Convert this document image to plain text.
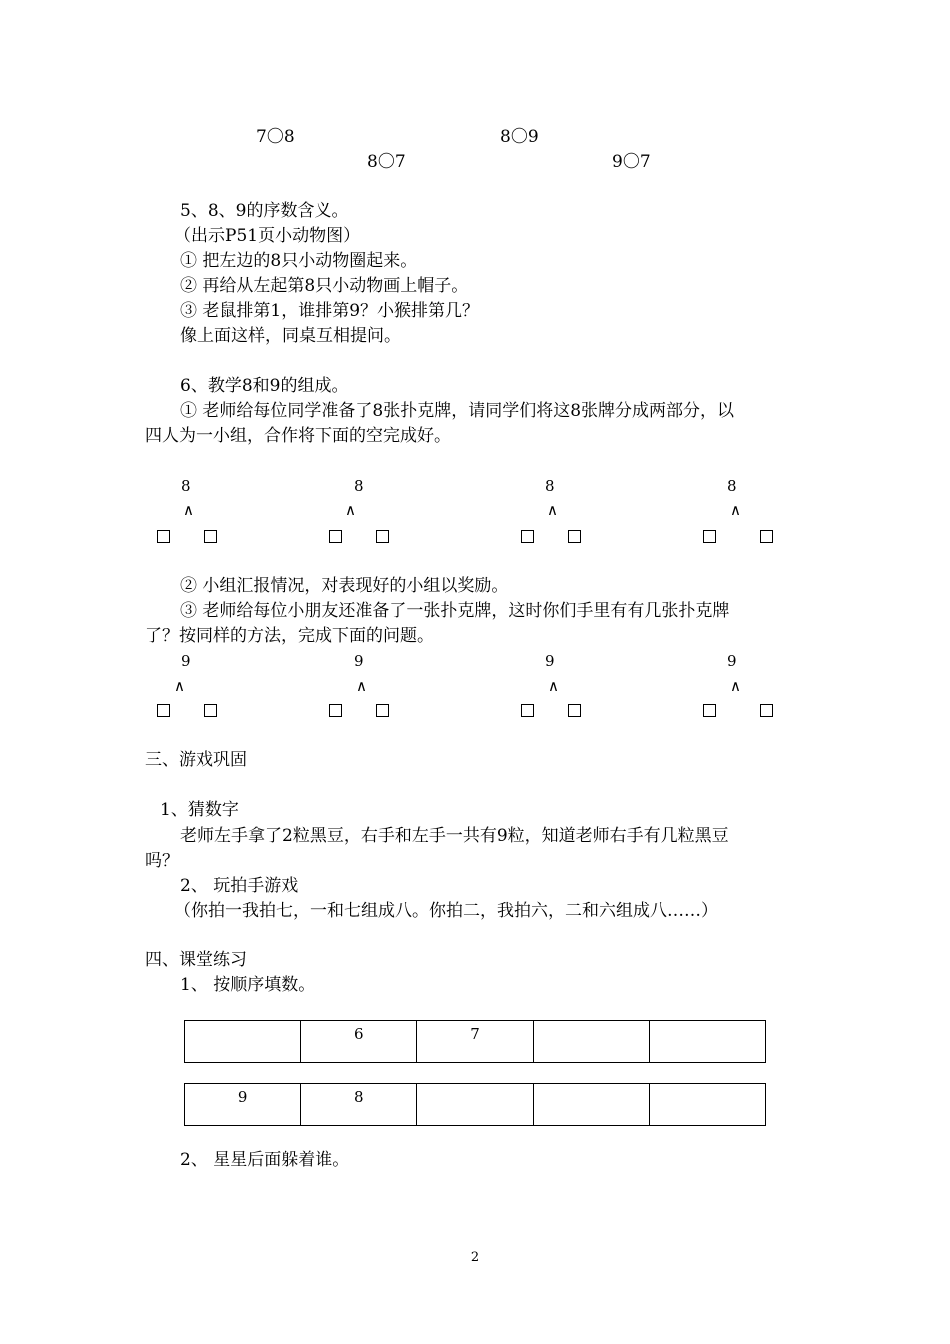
7〇8	8〇9
8〇7	9〇7
5、8、9的序数含义。
（出示P51页小动物图）
① 把左边的8只小动物圈起来。
② 再给从左起第8只小动物画上帽子。
③ 老鼠排第1，谁排第9？小猴排第几？
像上面这样，同桌互相提问。
6、教学8和9的组成。
① 老师给每位同学准备了8张扑克牌，请同学们将这8张牌分成两部分，以
四人为一小组，合作将下面的空完成好。
8	8	8	8
∧	∧	∧	∧
② 小组汇报情况，对表现好的小组以奖励。
③ 老师给每位小朋友还准备了一张扑克牌，这时你们手里有有几张扑克牌
了？按同样的方法，完成下面的问题。
9	9	9	9
∧	∧	∧	∧
三、游戏巩固
1、猜数字
老师左手拿了2粒黑豆，右手和左手一共有9粒，知道老师右手有几粒黑豆
吗？
2、 玩拍手游戏
（你拍一我拍七，一和七组成八。你拍二，我拍六，二和六组成八……）
四、课堂练习
1、 按顺序填数。
	6	7		
9	8			
2、 星星后面躲着谁。
2
